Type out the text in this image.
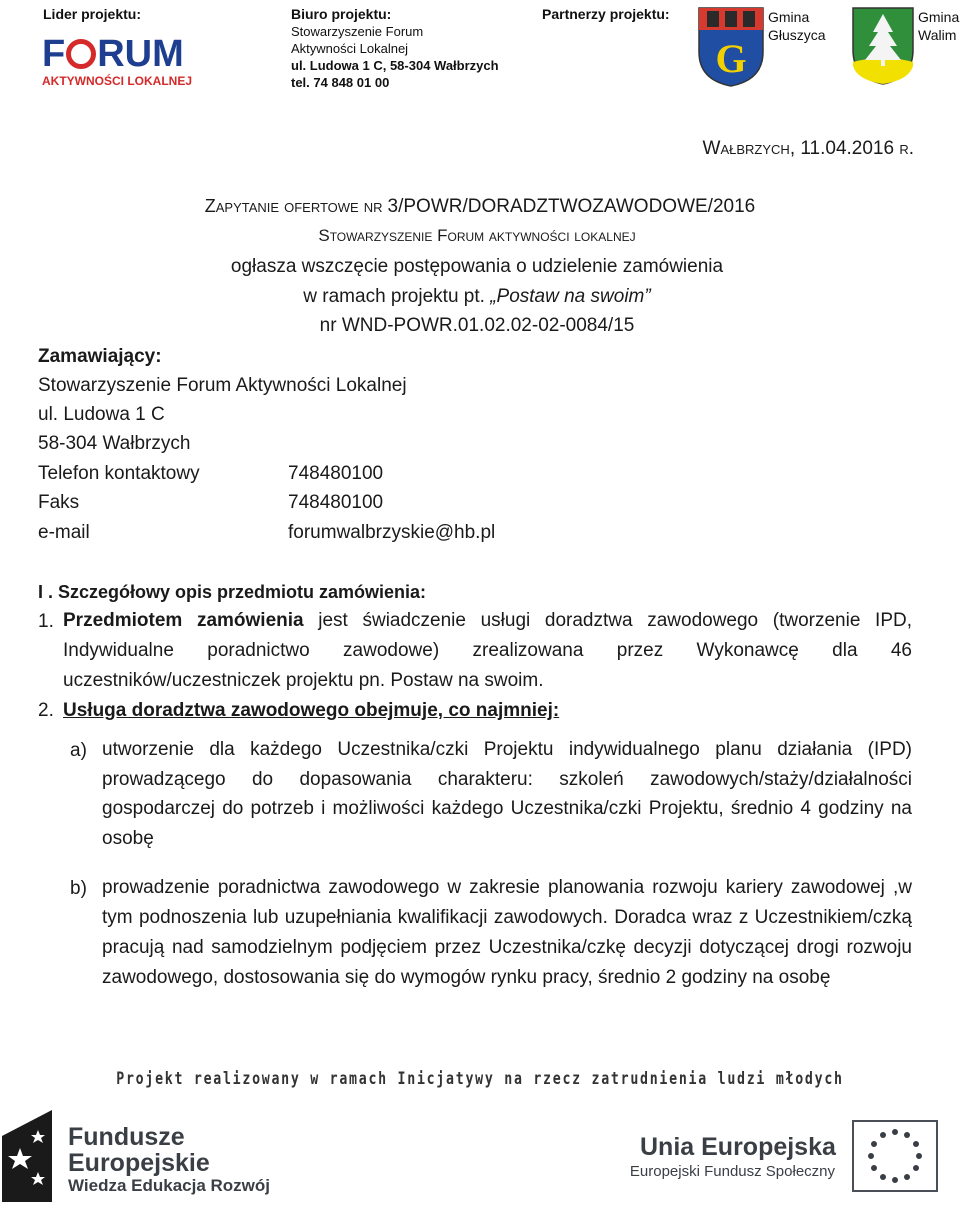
Lider projektu:
F RUM
AKTYWNOŚCI LOKALNEJ
Biuro projektu:
Stowarzyszenie Forum
Aktywności Lokalnej
ul. Ludowa 1 C, 58-304 Wałbrzych
tel. 74 848 01 00
Partnerzy projektu:
G
Gmina
Głuszyca
Gmina
Walim
Wałbrzych, 11.04.2016 r.
Zapytanie ofertowe nr 3/POWR/DORADZTWOZAWODOWE/2016
Stowarzyszenie Forum aktywności lokalnej
ogłasza wszczęcie postępowania o udzielenie zamówienia
w ramach projektu pt. „Postaw na swoim”
nr WND-POWR.01.02.02-02-0084/15
Zamawiający:
Stowarzyszenie Forum Aktywności Lokalnej
ul. Ludowa 1 C
58-304 Wałbrzych
Telefon kontaktowy	748480100
Faks	748480100
e-mail	forumwalbrzyskie@hb.pl
I . Szczegółowy opis przedmiotu zamówienia:
1. Przedmiotem zamówienia jest świadczenie usługi doradztwa zawodowego (tworzenie IPD,
Indywidualne poradnictwo zawodowe) zrealizowana przez Wykonawcę dla 46
uczestników/uczestniczek projektu pn. Postaw na swoim.
2. Usługa doradztwa zawodowego obejmuje, co najmniej:
a) utworzenie dla każdego Uczestnika/czki Projektu indywidualnego planu działania (IPD)
prowadzącego do dopasowania charakteru: szkoleń zawodowych/staży/działalności
gospodarczej do potrzeb i możliwości każdego Uczestnika/czki Projektu, średnio 4 godziny na
osobę
b) prowadzenie poradnictwa zawodowego w zakresie planowania rozwoju kariery zawodowej ,w
tym podnoszenia lub uzupełniania kwalifikacji zawodowych. Doradca wraz z Uczestnikiem/czką
pracują nad samodzielnym podjęciem przez Uczestnika/czkę decyzji dotyczącej drogi rozwoju
zawodowego, dostosowania się do wymogów rynku pracy, średnio 2 godziny na osobę
Projekt realizowany w ramach Inicjatywy na rzecz zatrudnienia ludzi młodych
Fundusze
Europejskie
Wiedza Edukacja Rozwój
Unia Europejska
Europejski Fundusz Społeczny
